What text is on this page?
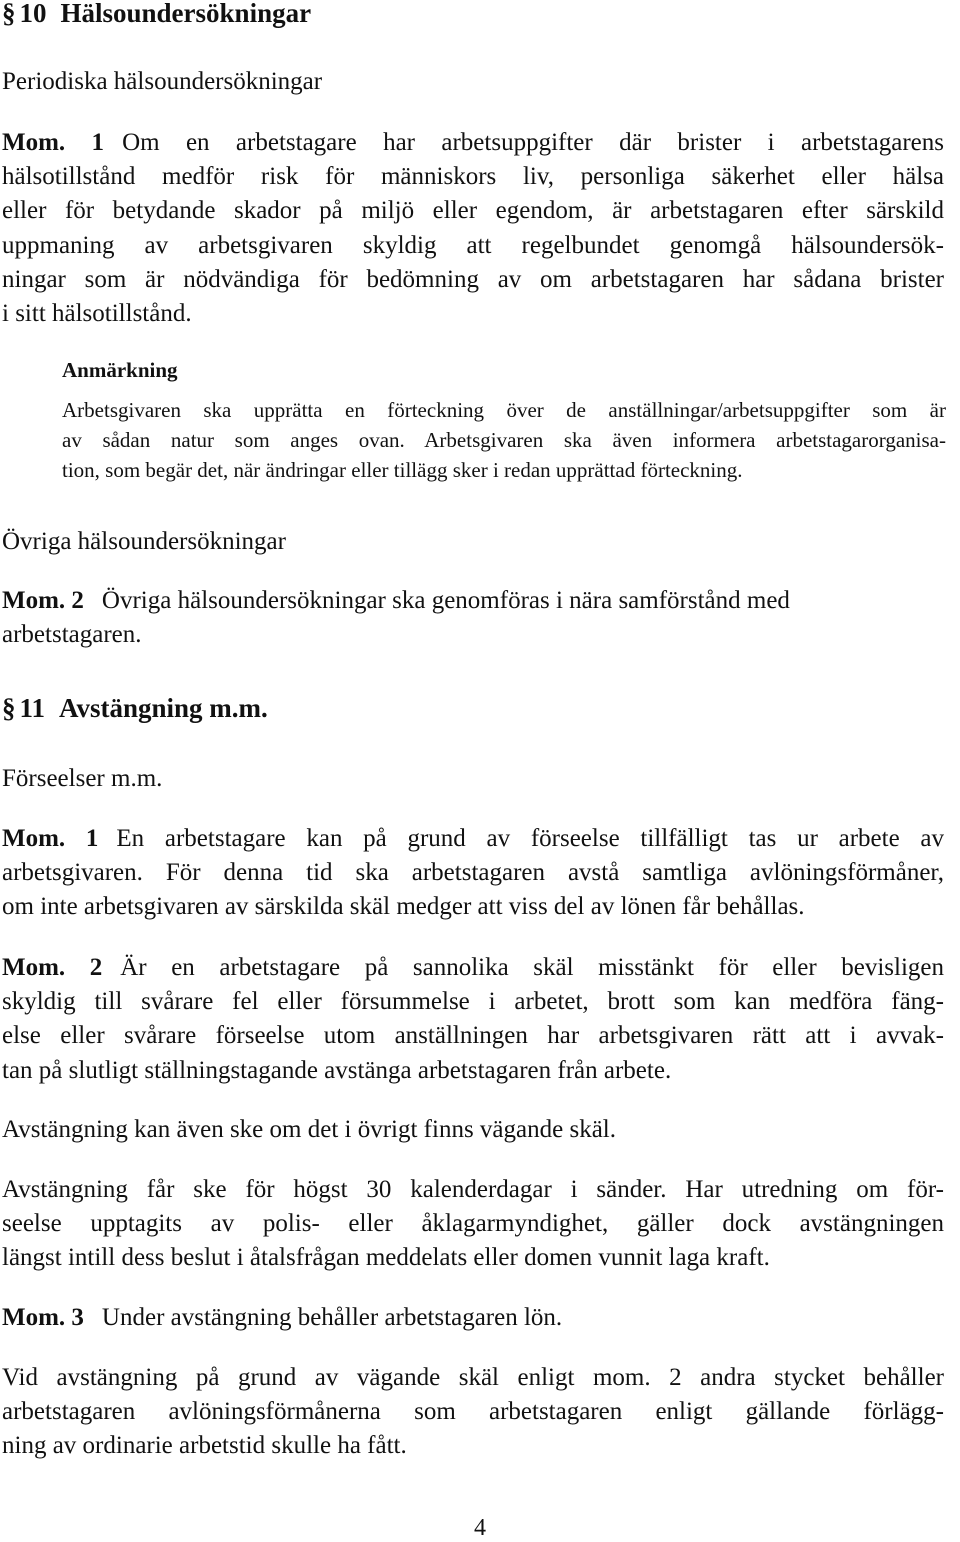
§ 10 Hälsoundersökningar
Periodiska hälsoundersökningar

Mom. 1 Om en arbetstagare har arbetsuppgifter där brister i arbetstagarens
hälsotillstånd medför risk för människors liv, personliga säkerhet eller hälsa
eller för betydande skador på miljö eller egendom, är arbetstagaren efter särskild
uppmaning av arbetsgivaren skyldig att regelbundet genomgå hälsoundersök-
ningar som är nödvändiga för bedömning av om arbetstagaren har sådana brister
i sitt hälsotillstånd.

Anmärkning
Arbetsgivaren ska upprätta en förteckning över de anställningar/arbetsuppgifter som är
av sådan natur som anges ovan. Arbetsgivaren ska även informera arbetstagarorganisa-
tion, som begär det, när ändringar eller tillägg sker i redan upprättad förteckning.
Övriga hälsoundersökningar

Mom. 2 Övriga hälsoundersökningar ska genomföras i nära samförstånd med
arbetstagaren.

§ 11 Avstängning m.m.
Förseelser m.m.

Mom. 1 En arbetstagare kan på grund av förseelse tillfälligt tas ur arbete av
arbetsgivaren. För denna tid ska arbetstagaren avstå samtliga avlöningsförmåner,
om inte arbetsgivaren av särskilda skäl medger att viss del av lönen får behållas.

Mom. 2 Är en arbetstagare på sannolika skäl misstänkt för eller bevisligen
skyldig till svårare fel eller försummelse i arbetet, brott som kan medföra fäng-
else eller svårare förseelse utom anställningen har arbetsgivaren rätt att i avvak-
tan på slutligt ställningstagande avstänga arbetstagaren från arbete.

Avstängning kan även ske om det i övrigt finns vägande skäl.

Avstängning får ske för högst 30 kalenderdagar i sänder. Har utredning om för-
seelse upptagits av polis- eller åklagarmyndighet, gäller dock avstängningen
längst intill dess beslut i åtalsfrågan meddelats eller domen vunnit laga kraft.

Mom. 3 Under avstängning behåller arbetstagaren lön.

Vid avstängning på grund av vägande skäl enligt mom. 2 andra stycket behåller
arbetstagaren avlöningsförmånerna som arbetstagaren enligt gällande förlägg-
ning av ordinarie arbetstid skulle ha fått.

4
